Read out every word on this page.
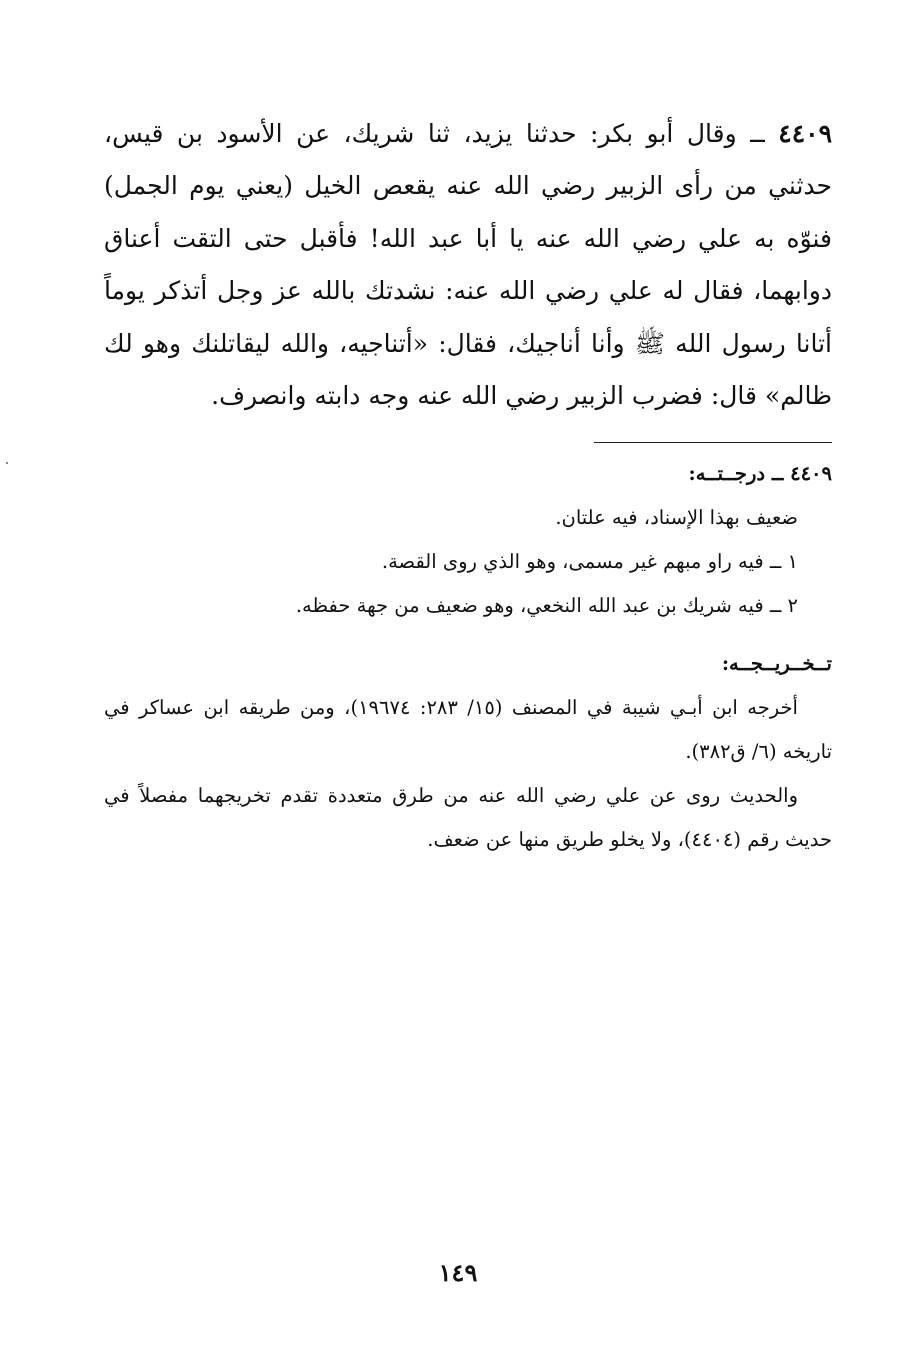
٤٤٠٩ ــ وقال أبو بكر: حدثنا يزيد، ثنا شريك، عن الأسود بن قيس، حدثني من رأى الزبير رضي الله عنه يقعص الخيل (يعني يوم الجمل) فنوّه به علي رضي الله عنه يا أبا عبد الله! فأقبل حتى التقت أعناق دوابهما، فقال له علي رضي الله عنه: نشدتك بالله عز وجل أتذكر يوماً أتانا رسول الله ﷺ وأنا أناجيك، فقال: «أتناجيه، والله ليقاتلنك وهو لك ظالم» قال: فضرب الزبير رضي الله عنه وجه دابته وانصرف.
٤٤٠٩ ــ درجــتــه:
ضعيف بهذا الإسناد، فيه علتان.
١ ــ فيه راو مبهم غير مسمى، وهو الذي روى القصة.
٢ ــ فيه شريك بن عبد الله النخعي، وهو ضعيف من جهة حفظه.
تــخــريــجــه:
أخرجه ابن أبـي شيبة في المصنف (١٥/ ٢٨٣: ١٩٦٧٤)، ومن طريقه ابن عساكر في تاريخه (٦/ ق٣٨٢).
والحديث روى عن علي رضي الله عنه من طرق متعددة تقدم تخريجهما مفصلاً في حديث رقم (٤٤٠٤)، ولا يخلو طريق منها عن ضعف.
١٤٩
